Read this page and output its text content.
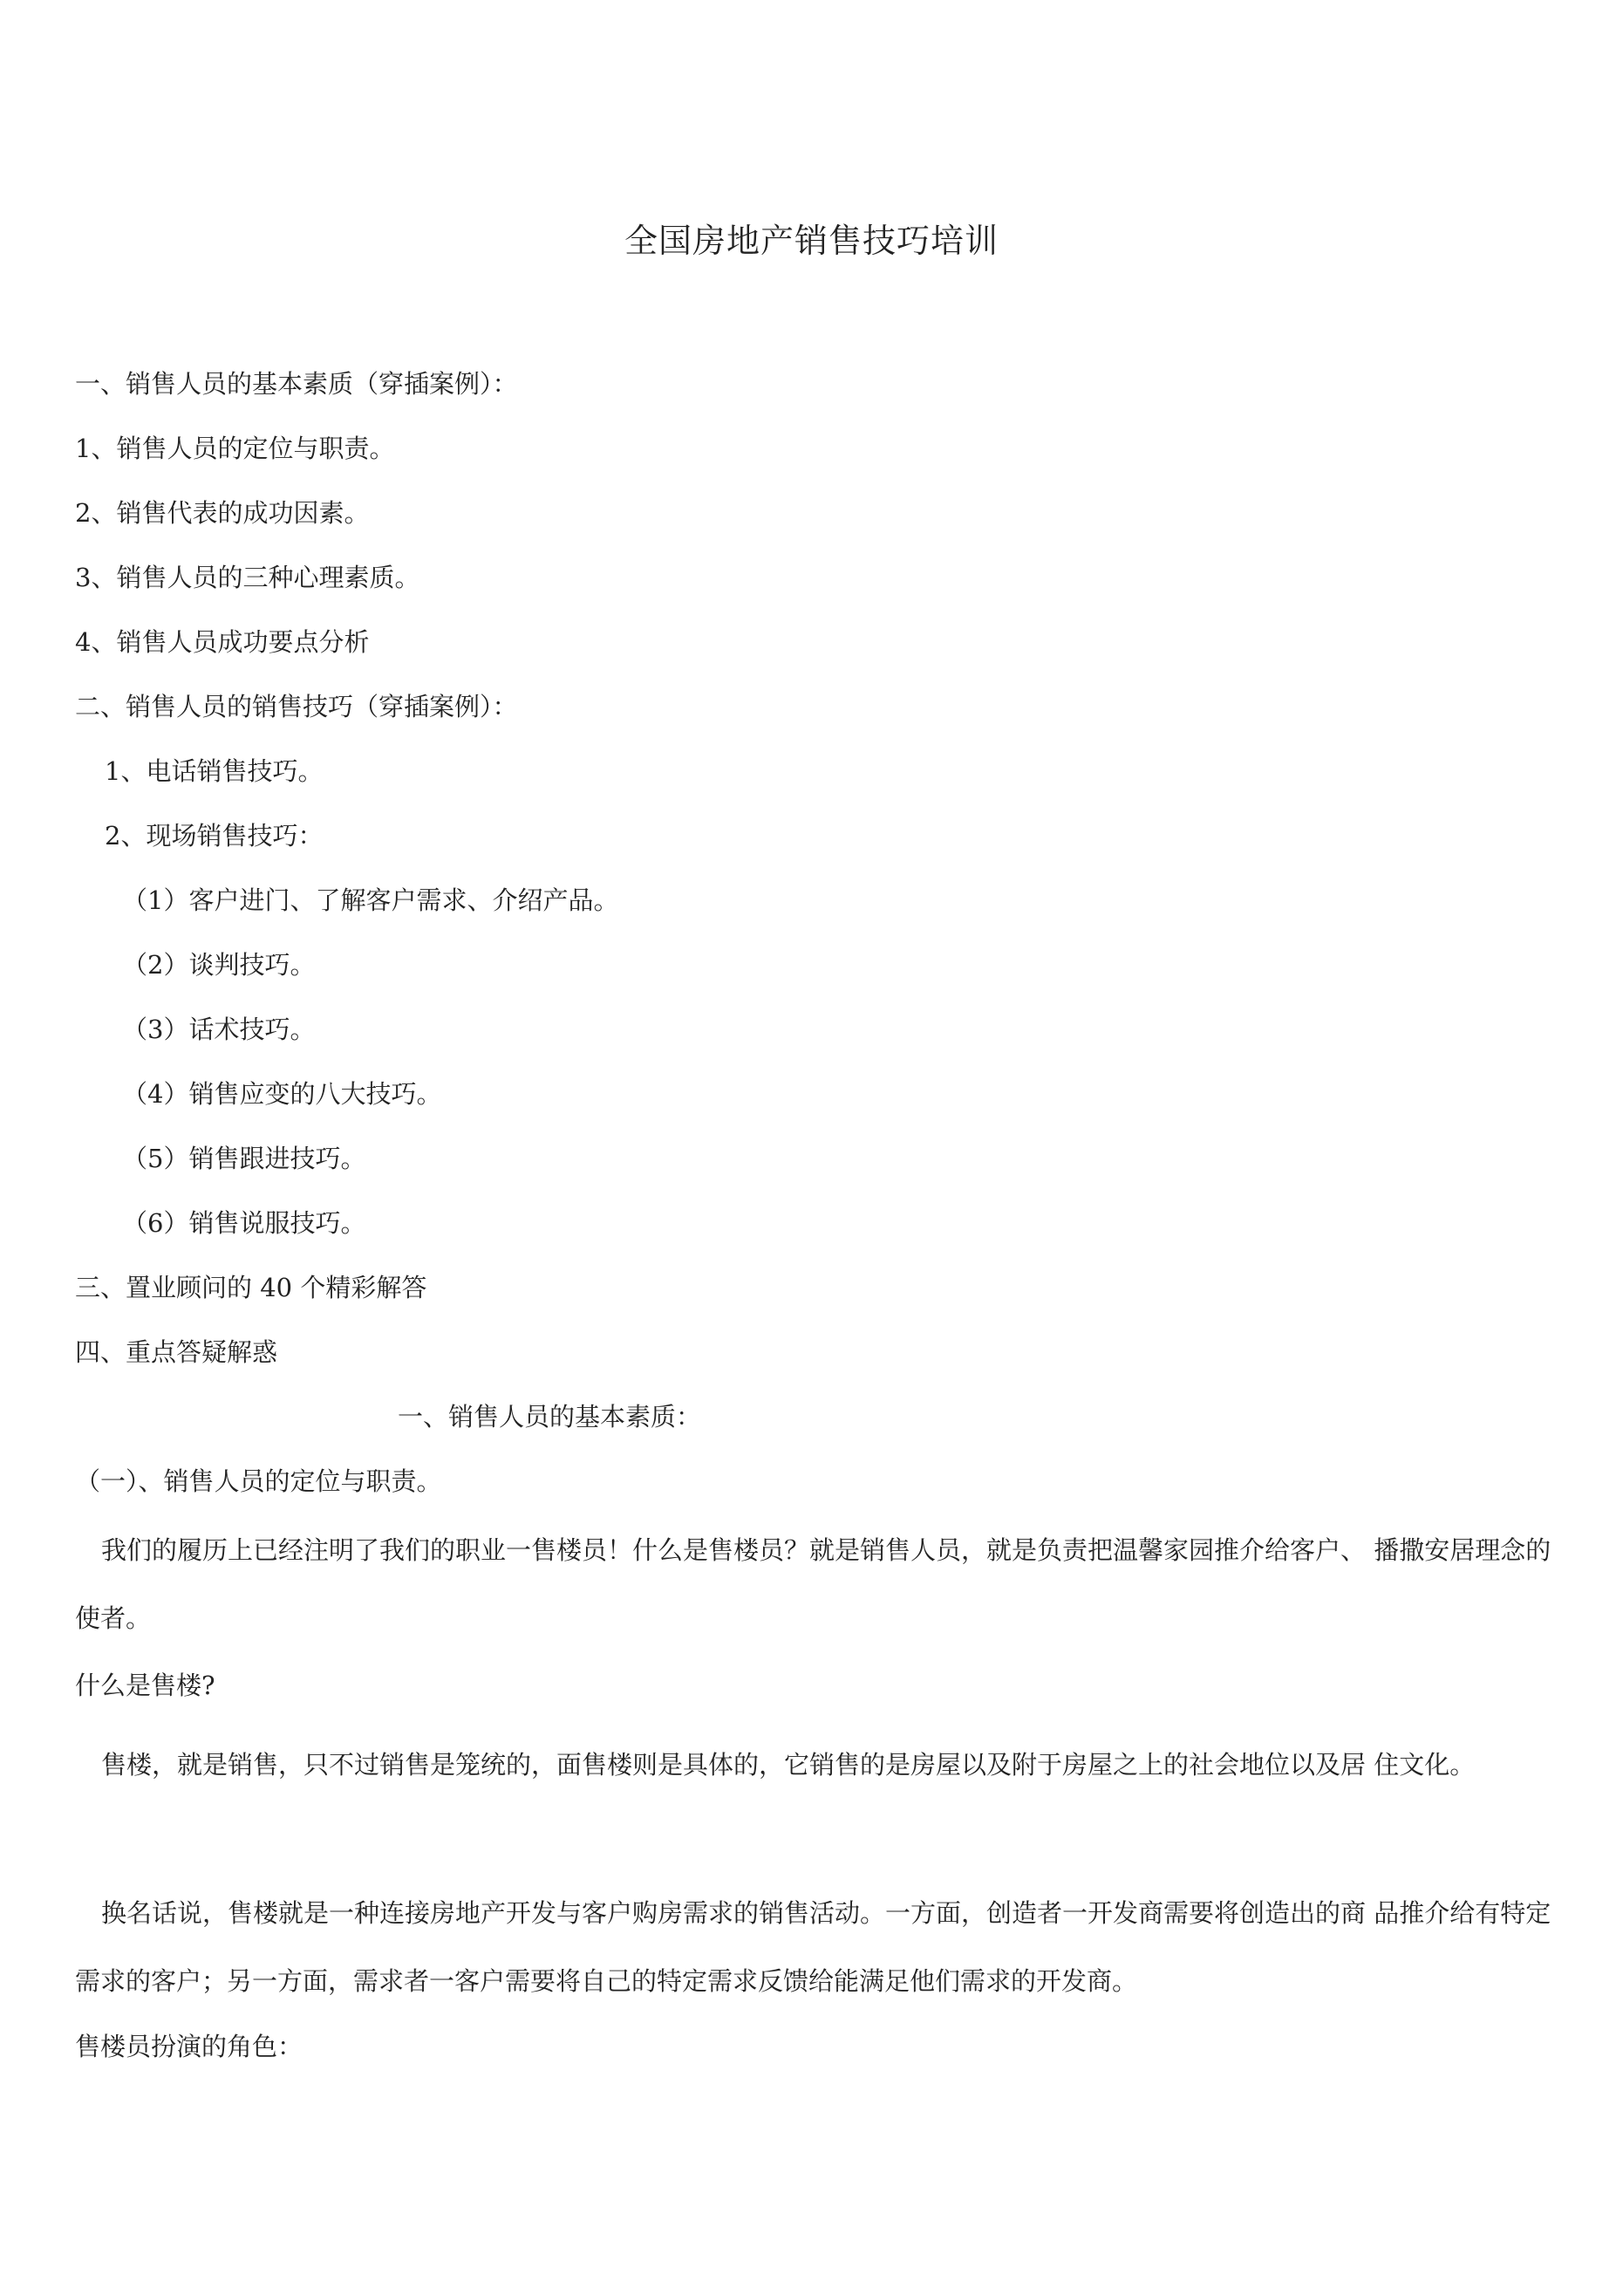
全国房地产销售技巧培训
一、销售人员的基本素质（穿插案例）：
1、销售人员的定位与职责。
2、销售代表的成功因素。
3、销售人员的三种心理素质。
4、销售人员成功要点分析
二、销售人员的销售技巧（穿插案例）：
1、电话销售技巧。
2、现场销售技巧：
（1）客户进门、了解客户需求、介绍产品。
（2）谈判技巧。
（3）话术技巧。
（4）销售应变的八大技巧。
（5）销售跟进技巧。
（6）销售说服技巧。
三、置业顾问的 40 个精彩解答
四、重点答疑解惑
一、销售人员的基本素质：
（一）、销售人员的定位与职责。
我们的履历上已经注明了我们的职业一售楼员！什么是售楼员？就是销售人员，就是负责把温馨家园推介给客户、 播撒安居理念的使者。
什么是售楼?
售楼，就是销售，只不过销售是笼统的，面售楼则是具体的，它销售的是房屋以及附于房屋之上的社会地位以及居 住文化。
换名话说，售楼就是一种连接房地产开发与客户购房需求的销售活动。一方面，创造者一开发商需要将创造出的商 品推介给有特定需求的客户；另一方面，需求者一客户需要将自己的特定需求反馈给能满足他们需求的开发商。
售楼员扮演的角色：
